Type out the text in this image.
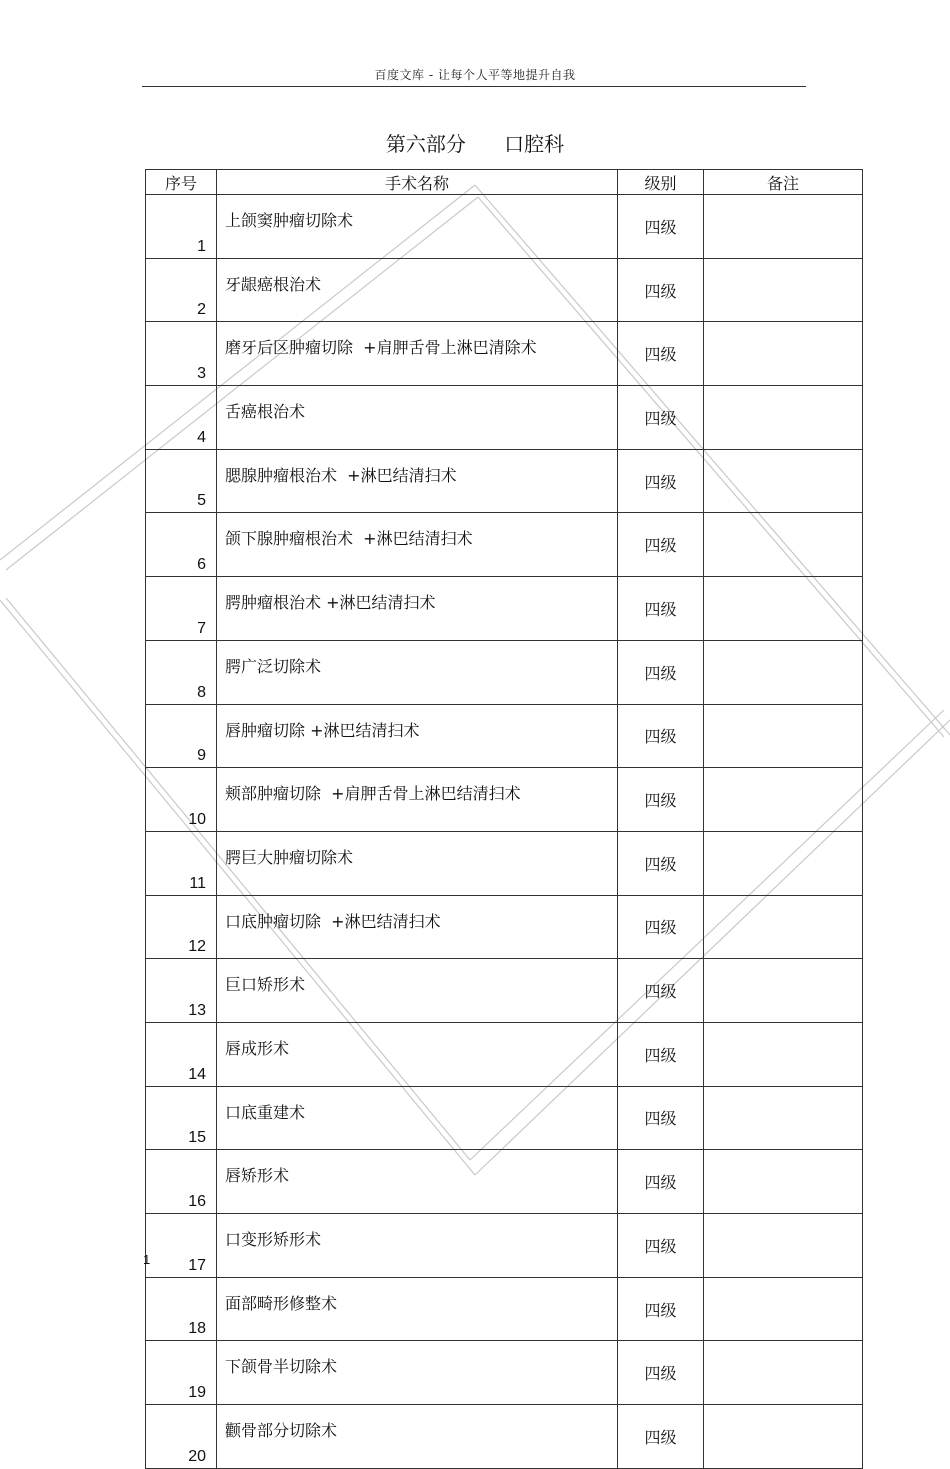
百度文库 - 让每个人平等地提升自我
第六部分      口腔科
序号	手术名称	级别	备注
1	上颌窦肿瘤切除术	四级	
2	牙龈癌根治术	四级	
3	磨牙后区肿瘤切除  +肩胛舌骨上淋巴清除术	四级	
4	舌癌根治术	四级	
5	腮腺肿瘤根治术  +淋巴结清扫术	四级	
6	颌下腺肿瘤根治术  +淋巴结清扫术	四级	
7	腭肿瘤根治术 +淋巴结清扫术	四级	
8	腭广泛切除术	四级	
9	唇肿瘤切除 +淋巴结清扫术	四级	
10	颊部肿瘤切除  +肩胛舌骨上淋巴结清扫术	四级	
11	腭巨大肿瘤切除术	四级	
12	口底肿瘤切除  +淋巴结清扫术	四级	
13	巨口矫形术	四级	
14	唇成形术	四级	
15	口底重建术	四级	
16	唇矫形术	四级	
17	口变形矫形术	四级	
18	面部畸形修整术	四级	
19	下颌骨半切除术	四级	
20	颧骨部分切除术	四级	
1
